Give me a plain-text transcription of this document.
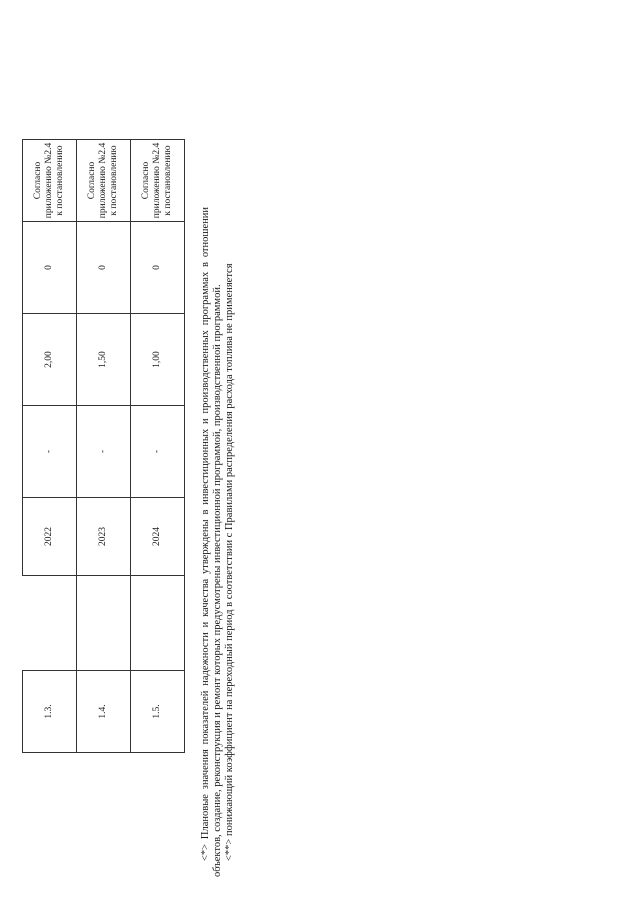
1.3.		2022	-	2,00	0	Согласно приложению №2.4 к постановлению
1.4.		2023	-	1,50	0	Согласно приложению №2.4 к постановлению
1.5.		2024	-	1,00	0	Согласно приложению №2.4 к постановлению
<*> Плановые значения показателей надежности и качества утверждены в инвестиционных и производственных программах в отношении объектов, создание, реконструкция и ремонт которых предусмотрены инвестиционной программой, производственной программой. <**> понижающий коэффициент на переходный период в соответствии с Правилами распределения расхода топлива не применяется
